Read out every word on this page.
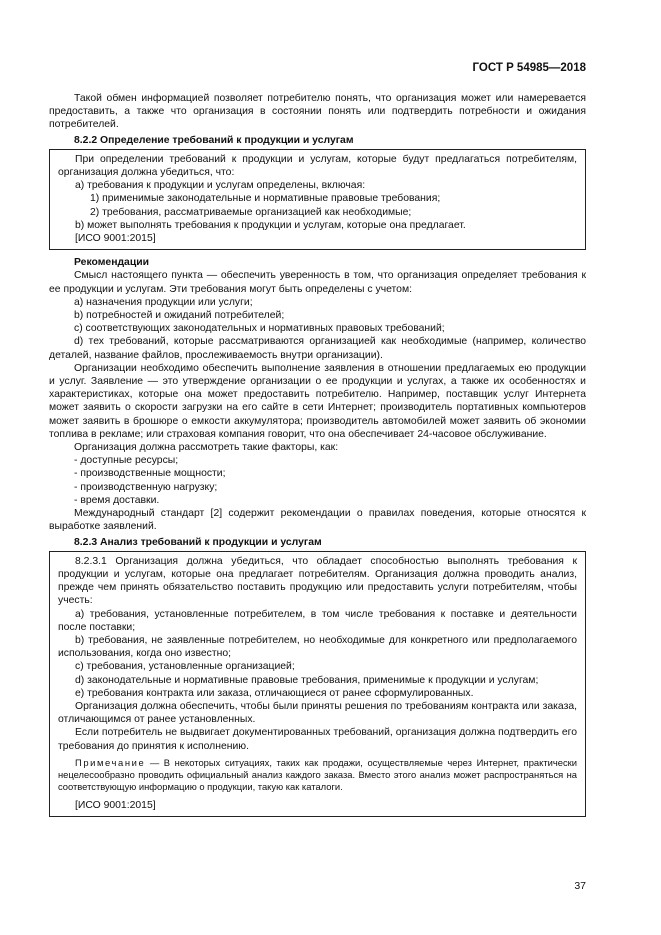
ГОСТ Р 54985—2018

Такой обмен информацией позволяет потребителю понять, что организация может или намеревается предоставить, а также что организация в состоянии понять или подтвердить потребности и ожидания потребителей.

8.2.2 Определение требований к продукции и услугам

При определении требований к продукции и услугам, которые будут предлагаться потребителям, организация должна убедиться, что:

а) требования к продукции и услугам определены, включая:

1) применимые законодательные и нормативные правовые требования;

2) требования, рассматриваемые организацией как необходимые;

b) может выполнять требования к продукции и услугам, которые она предлагает.

[ИСО 9001:2015]

Рекомендации

Смысл настоящего пункта — обеспечить уверенность в том, что организация определяет требования к ее продукции и услугам. Эти требования могут быть определены с учетом:

а) назначения продукции или услуги;

b) потребностей и ожиданий потребителей;

c) соответствующих законодательных и нормативных правовых требований;

d) тех требований, которые рассматриваются организацией как необходимые (например, количество деталей, название файлов, прослеживаемость внутри организации).

Организации необходимо обеспечить выполнение заявления в отношении предлагаемых ею продукции и услуг. Заявление — это утверждение организации о ее продукции и услугах, а также их особенностях и характеристиках, которые она может предоставить потребителю. Например, поставщик услуг Интернета может заявить о скорости загрузки на его сайте в сети Интернет; производитель портативных компьютеров может заявить в брошюре о емкости аккумулятора; производитель автомобилей может заявить об экономии топлива в рекламе; или страховая компания говорит, что она обеспечивает 24-часовое обслуживание.

Организация должна рассмотреть такие факторы, как:

- доступные ресурсы;

- производственные мощности;

- производственную нагрузку;

- время доставки.

Международный стандарт [2] содержит рекомендации о правилах поведения, которые относятся к выработке заявлений.

8.2.3 Анализ требований к продукции и услугам

8.2.3.1 Организация должна убедиться, что обладает способностью выполнять требования к продукции и услугам, которые она предлагает потребителям. Организация должна проводить анализ, прежде чем принять обязательство поставить продукцию или предоставить услуги потребителям, чтобы учесть:

а) требования, установленные потребителем, в том числе требования к поставке и деятельности после поставки;

b) требования, не заявленные потребителем, но необходимые для конкретного или предполагаемого использования, когда оно известно;

c) требования, установленные организацией;

d) законодательные и нормативные правовые требования, применимые к продукции и услугам;

e) требования контракта или заказа, отличающиеся от ранее сформулированных.

Организация должна обеспечить, чтобы были приняты решения по требованиям контракта или заказа, отличающимся от ранее установленных.

Если потребитель не выдвигает документированных требований, организация должна подтвердить его требования до принятия к исполнению.

Примечание — В некоторых ситуациях, таких как продажи, осуществляемые через Интернет, практически нецелесообразно проводить официальный анализ каждого заказа. Вместо этого анализ может распространяться на соответствующую информацию о продукции, такую как каталоги.

[ИСО 9001:2015]

37
